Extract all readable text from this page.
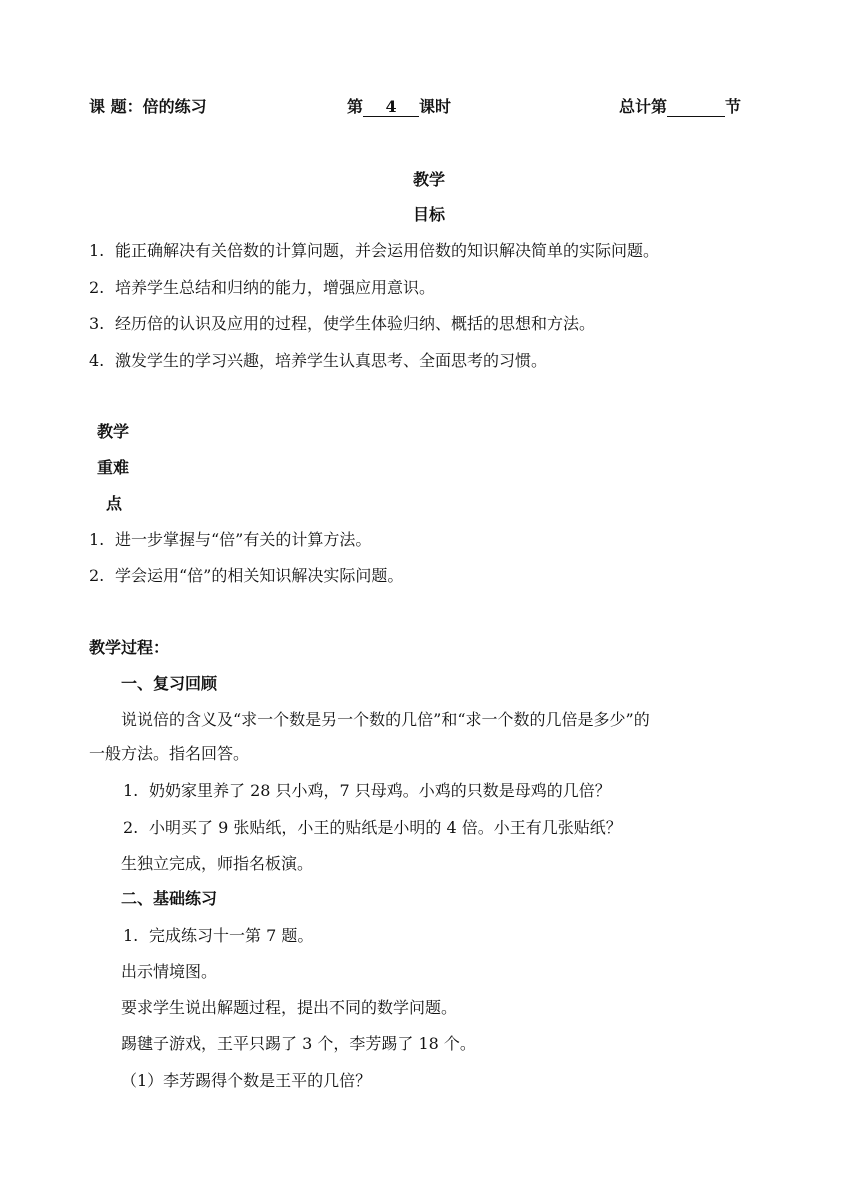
课 题：倍的练习	第 4 课时	总计第	节
教学
目标
1. 能正确解决有关倍数的计算问题，并会运用倍数的知识解决简单的实际问题。
2. 培养学生总结和归纳的能力，增强应用意识。
3. 经历倍的认识及应用的过程，使学生体验归纳、概括的思想和方法。
4. 激发学生的学习兴趣，培养学生认真思考、全面思考的习惯。
教学
重难
点
1. 进一步掌握与“倍”有关的计算方法。
2. 学会运用“倍”的相关知识解决实际问题。
教学过程：
一、复习回顾
说说倍的含义及“求一个数是另一个数的几倍”和“求一个数的几倍是多少”的
一般方法。指名回答。
1. 奶奶家里养了 28 只小鸡，7 只母鸡。小鸡的只数是母鸡的几倍？
2. 小明买了 9 张贴纸，小王的贴纸是小明的 4 倍。小王有几张贴纸？
生独立完成，师指名板演。
二、基础练习
1. 完成练习十一第 7 题。
出示情境图。
要求学生说出解题过程，提出不同的数学问题。
踢毽子游戏，王平只踢了 3 个，李芳踢了 18 个。
（1）李芳踢得个数是王平的几倍？
